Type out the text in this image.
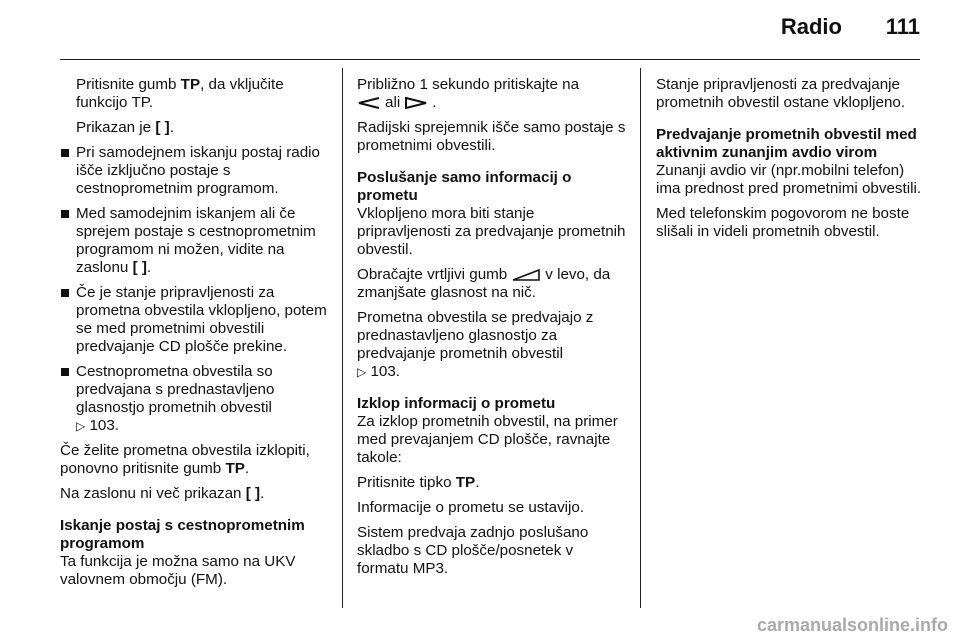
Radio 111

Pritisnite gumb TP, da vključite funkcijo TP.

Prikazan je [ ].

Pri samodejnem iskanju postaj radio išče izključno postaje s cestnoprometnim programom.
Med samodejnim iskanjem ali če sprejem postaje s cestnoprometnim programom ni možen, vidite na zaslonu [ ].
Če je stanje pripravljenosti za prometna obvestila vklopljeno, potem se med prometnimi obvestili predvajanje CD plošče prekine.
Cestnoprometna obvestila so predvajana s prednastavljeno glasnostjo prometnih obvestil
▷ 103.

Če želite prometna obvestila izklopiti, ponovno pritisnite gumb TP.

Na zaslonu ni več prikazan [ ].

Iskanje postaj s cestnoprometnim programom

Ta funkcija je možna samo na UKV valovnem območju (FM).

Približno 1 sekundo pritiskajte na
ali .

Radijski sprejemnik išče samo postaje s prometnimi obvestili.

Poslušanje samo informacij o prometu

Vklopljeno mora biti stanje pripravljenosti za predvajanje prometnih obvestil.

Obračajte vrtljivi gumb	v levo, da zmanjšate glasnost na nič.

Prometna obvestila se predvajajo z prednastavljeno glasnostjo za predvajanje prometnih obvestil
▷ 103.

Izklop informacij o prometu

Za izklop prometnih obvestil, na primer med prevajanjem CD plošče, ravnajte takole:

Pritisnite tipko TP.

Informacije o prometu se ustavijo.

Sistem predvaja zadnjo poslušano skladbo s CD plošče/posnetek v formatu MP3.

Stanje pripravljenosti za predvajanje prometnih obvestil ostane vklopljeno.

Predvajanje prometnih obvestil med aktivnim zunanjim avdio virom

Zunanji avdio vir (npr.mobilni telefon) ima prednost pred prometnimi obvestili.

Med telefonskim pogovorom ne boste slišali in videli prometnih obvestil.

carmanualsonline.info
